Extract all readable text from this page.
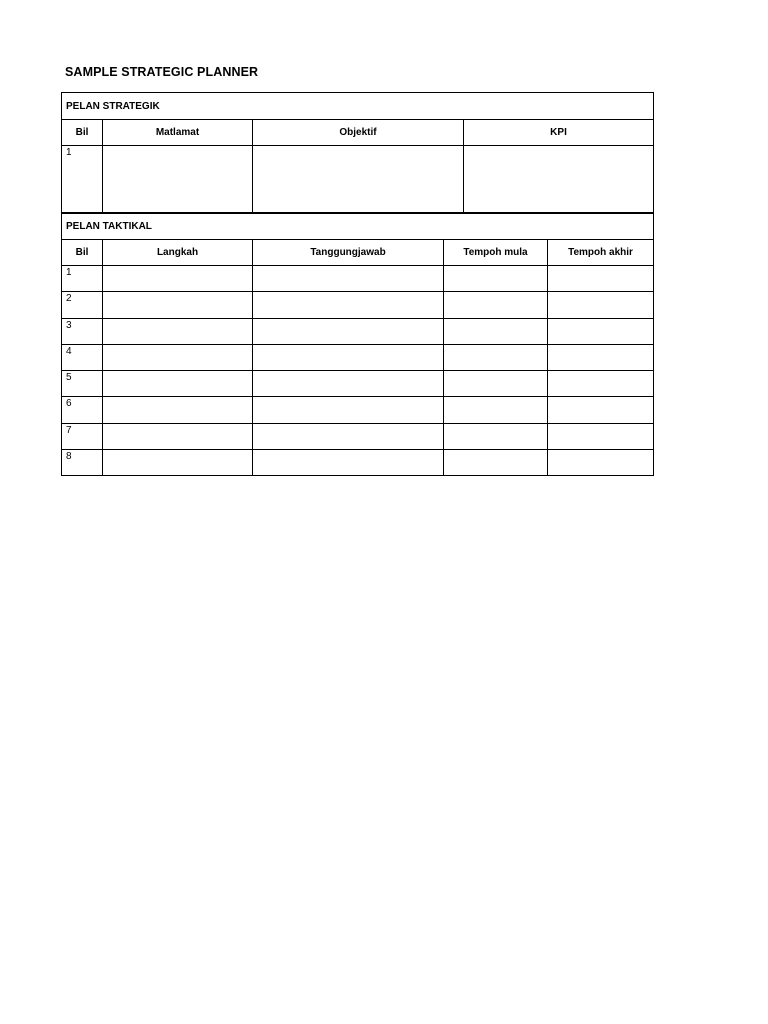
SAMPLE STRATEGIC PLANNER
PELAN STRATEGIK			
Bil	Matlamat	Objektif	KPI
1			
PELAN TAKTIKAL				
Bil	Langkah	Tanggungjawab	Tempoh mula	Tempoh akhir
1				
2				
3				
4				
5				
6				
7				
8				
